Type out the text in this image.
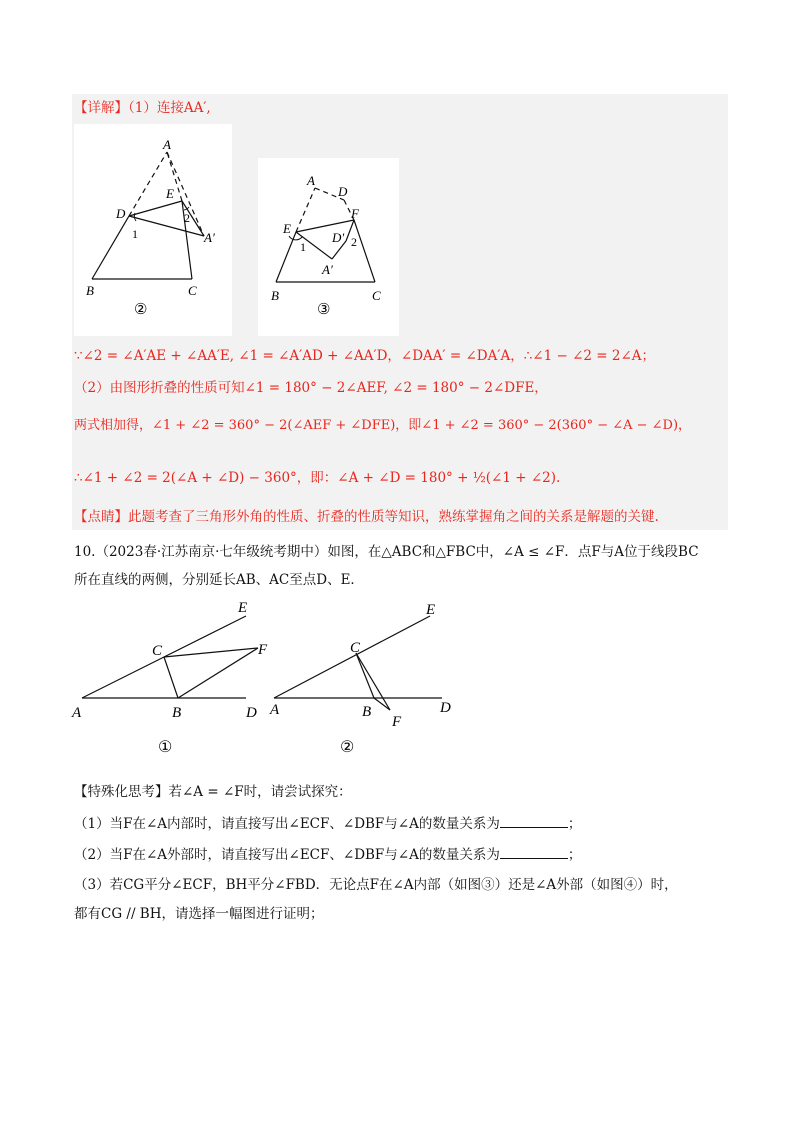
【详解】（1）连接AA′,
A
D
E
2
1	A′
B	C
②
A
D
E
F
D′ 2
1
A′
B	C
③
∵∠2 = ∠A′AE + ∠AA′E, ∠1 = ∠A′AD + ∠AA′D，∠DAA′ = ∠DA′A，∴∠1 − ∠2 = 2∠A；
（2）由图形折叠的性质可知∠1 = 180° − 2∠AEF, ∠2 = 180° − 2∠DFE，
两式相加得，∠1 + ∠2 = 360° − 2(∠AEF + ∠DFE)，即∠1 + ∠2 = 360° − 2(360° − ∠A − ∠D)，
∴∠1 + ∠2 = 2(∠A + ∠D) − 360°，即：∠A + ∠D = 180° + ½(∠1 + ∠2).
【点睛】此题考查了三角形外角的性质、折叠的性质等知识，熟练掌握角之间的关系是解题的关键.
10.（2023春·江苏南京·七年级统考期中）如图，在△ABC和△FBC中，∠A ≤ ∠F．点F与A位于线段BC
所在直线的两侧，分别延长AB、AC至点D、E．
E
C	F
A	B	D
①
E
C
A	B
F
D
②
【特殊化思考】若∠A = ∠F时，请尝试探究：
（1）当F在∠A内部时，请直接写出∠ECF、∠DBF与∠A的数量关系为	；
（2）当F在∠A外部时，请直接写出∠ECF、∠DBF与∠A的数量关系为	；
（3）若CG平分∠ECF，BH平分∠FBD．无论点F在∠A内部（如图③）还是∠A外部（如图④）时，
都有CG // BH，请选择一幅图进行证明；
